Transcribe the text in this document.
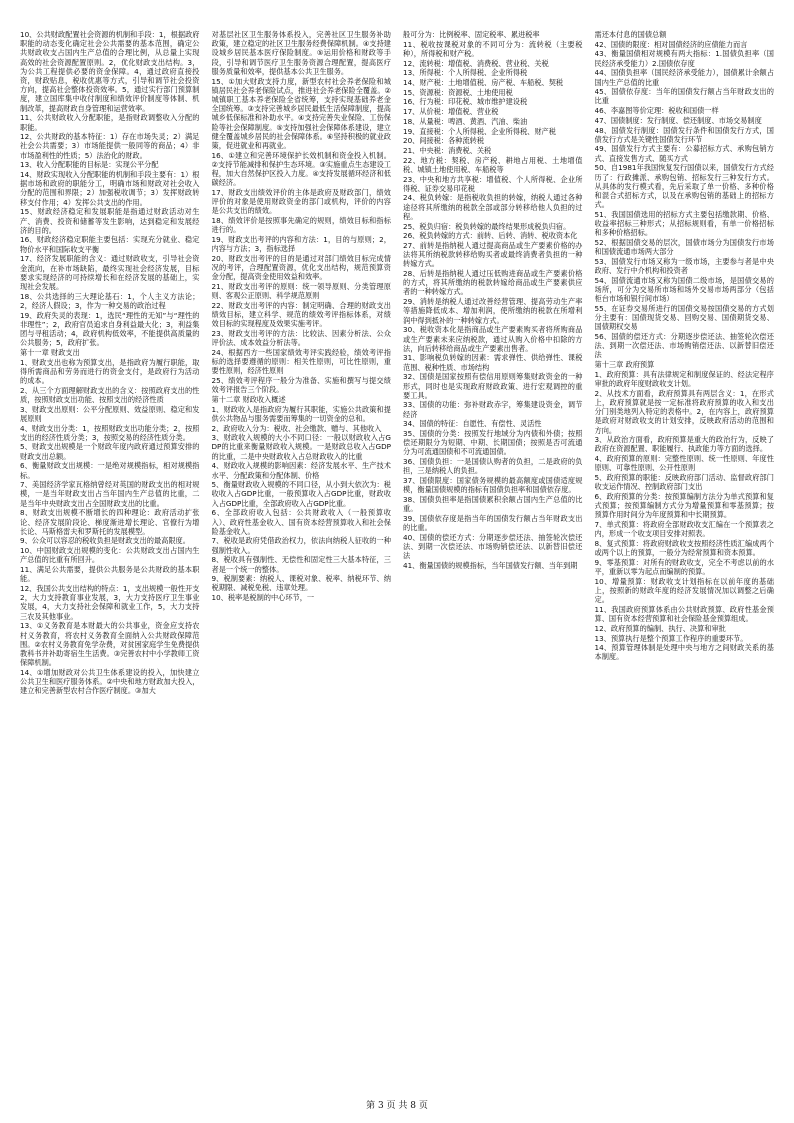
10、公共财政配置社会资源的机制和手段：1，根据政府职能的动态变化确定社会公共需要的基本范围，确定公共财政收支占国内生产总值的合理比例，从总量上实现高效的社会资源配置原则。2，优化财政支出结构。3，为公共工程提供必要的资金保障。4，通过政府直接投资，财政贴息，税收优惠等方式，引导和调节社会投资方向，提高社会整体投资效率。5，通过实行部门预算制度，建立国库集中收付制度和绩效评价制度等体制、机制改革，提高财政自身管理和运营效率。

11、公共财政收入分配职能，是指财政调整收入分配的职能。

12、公共财政的基本特征：1）存在市场失灵；2）满足社会公共需要；3）市场能提供一般同等的商品；4）非市场盈利性的性质；5）法治化的财政。

13、收入分配职能的目标是：实现公平分配

14、财政实现收入分配职能的机制和手段主要有：1）根据市场和政府的职能分工，明确市场和财政对社会收入分配的范围和界限；2）加强税收调节；3）发挥财政转移支付作用；4）发挥公共支出的作用。

15、财政经济稳定和发展职能是指通过财政活动对生产、消费、投资和储蓄等发生影响，达到稳定和发展经济的目的。

16、财政经济稳定职能主要包括：实现充分就业、稳定物价水平和国际收支平衡

17、经济发展职能的含义：通过财政收支，引导社会资金流向，在补市场缺陷，最终实现社会经济发展，目标要求实现经济的可持续增长和在经济发展的基础上，实现社会发展。

18、公共选择的三大理论基石：1，个人主义方法论；2，经济人假设；3，作为一种交易的政治过程

19、政府失灵的表现：1，选民“理性的无知”与“理性的非理性”；2，政府官员追求自身利益最大化；3，利益集团与寻租活动；4，政府机构低效率，不能提供高质量的公共服务；5，政府扩张。

第十一章 财政支出

1、财政支出也称为预算支出，是指政府为履行职能，取得所需商品和劳务而进行的资金支付，是政府行为活动的成本。

2、从三个方面理解财政支出的含义：按照政府支出的性质，按照财政支出功能、按照支出的经济性质

3、财政支出原则：公平分配原则、效益原则、稳定和发展原则

4、财政支出分类：1，按照财政支出功能分类；2，按照支出的经济性质分类；3，按照交易的经济性质分类。

5、财政支出规模是一个财政年度内政府通过预算安排的财政支出总额。

6、衡量财政支出规模：一是绝对规模指标，相对规模指标。

7、美国经济学家瓦格纳曾经对英国的财政支出的相对规模，一是当年财政支出占当年国内生产总值的比重，二是当年中央财政支出占全国财政支出的比重。

8、财政支出规模不断增长的四种理论：政府活动扩张论、经济发展阶段论、梯度渐进增长理论、官僚行为增长论、马斯格雷夫和罗斯托的发展模型。

9、公众可以容忍的税收负担是财政支出的最高限度。

10、中国财政支出规模的变化：公共财政支出占国内生产总值的比重有所回升。

11、满足公共需要，提供公共服务是公共财政的基本职能。

12、我国公共支出结构的特点：1，支出规模一般性开支2，大力支持教育事业发展，3，大力支持医疗卫生事业发展，4，大力支持社会保障和就业工作，5，大力支持三农及其他事业。

13、①义务教育是本财最大的公共事业，资金应支持农村义务教育，将农村义务教育全面纳入公共财政保障范围。②农村义务教育免学杂费，对贫困家庭学生免费提供教科书并补助寄宿生生活费。③完善农村中小学教师工资保障机制。

14、①增加财政对公共卫生体系建设的投入，加快建立公共卫生和医疗服务体系。②中央和地方财政加大投入，建立和完善新型农村合作医疗制度。③加大

对基层社区卫生服务体系投入，完善社区卫生服务补助政策，建立稳定的社区卫生服务经费保障机制。④支持建设城乡居民基本医疗保险制度。⑤运用价格和财政等手段，引导和调节医疗卫生服务资源合理配置，提高医疗服务质量和效率，提供基本公共卫生服务。

15、①加大财政支持力度，新型农村社会养老保险和城镇居民社会养老保险试点，推进社会养老保险全覆盖。②城镇职工基本养老保险全省统筹，支持实现基础养老金全国统筹。③支持完善城乡居民最低生活保障制度，提高城乡低保标准和补助水平。④支持完善失业保险、工伤保险等社会保障制度。⑤支持加强社会保障体系建设，建立健全覆盖城乡居民的社会保障体系。⑥坚持积极的就业政策，促进就业和再就业。

16、①建立和完善环境保护长效机制和资金投入机制。②支持节能减排和保护生态环境。③实施重点生态建设工程，加大自然保护区投入力度。④支持发展循环经济和低碳经济。

17、财政支出绩效评价的主体是政府及财政部门，绩效评价的对象是使用财政资金的部门或机构，评价的内容是公共支出的绩效。

18、绩效评价是按照事先确定的规则，绩效目标和指标进行的。

19、财政支出考评的内容和方法：1，目的与原则；2，内容与方法；3，指标选择

20、财政支出考评的目的是通过对部门绩效目标完成情况的考评，合理配置资源，优化支出结构，规范预算资金分配，提高资金使用效益和效率。

21、财政支出考评的原则：统一领导原则、分类管理原则、客观公正原则、科学规范原则

22、财政支出考评的内容：制定明确、合理的财政支出绩效目标，建立科学、规范的绩效考评指标体系，对绩效目标的实现程度及效果实施考评。

23、财政支出考评的方法：比较法、因素分析法、公众评价法、成本效益分析法等。

24、根据西方一些国家绩效考评实践经验，绩效考评指标的选择要遵循的原则：相关性原则，可比性原则，重要性原则，经济性原则

25、绩效考评程序一般分为准备、实施和撰写与提交绩效考评报告三个阶段。

第十二章 财政收入概述

1、财政收入是指政府为履行其职能，实施公共政策和提供公共物品与服务需要而筹集的一切资金的总和。

2、政府收入分为：税收、社会缴款、赠与、其他收入

3、财政收入规模的大小不同口径：一般以财政收入占GDP的比重来衡量财政收入规模。一是财政总收入占GDP的比重，二是中央财政收入占总财政收入的比重

4、财政收入规模的影响因素：经济发展水平、生产技术水平、分配政策和分配体制、价格

5、衡量财政收入规模的不同口径，从小到大依次为：税收收入占GDP比重，一般预算收入占GDP比重，财政收入占GDP比重，全部政府收入占GDP比重。

6、全部政府收入包括：公共财政收入（一般预算收入）、政府性基金收入、国有资本经营预算收入和社会保险基金收入。

7、税收是政府凭借政治权力，依法向纳税人征收的一种强制性收入。

8、税收具有强制性、无偿性和固定性三大基本特征，三者是一个统一的整体。

9、税制要素：纳税人、课税对象、税率、纳税环节、纳税期限、减税免税、违章处理。

10、税率是税制的中心环节，一

般可分为：比例税率、固定税率、累进税率

11、税收按课税对象的不同可分为：流转税（主要税种），所得税和财产税。

12、流转税：增值税、消费税、营业税、关税

13、所得税：个人所得税、企业所得税

14、财产税：土地增值税、房产税、车船税、契税

15、资源税：资源税、土地使用税

16、行为税：印花税、城市维护建设税

17、从价税：增值税、营业税

18、从量税：啤酒、黄酒、汽油、柴油

19、直接税：个人所得税、企业所得税、财产税

20、间接税：各种流转税

21、中央税：消费税、关税

22、地方税：契税、房产税、耕地占用税、土地增值税、城镇土地使用税、车船税等

23、中央和地方共享税：增值税、个人所得税、企业所得税、证券交易印花税

24、税负转嫁：是指税收负担的转嫁，纳税人通过各种途径将其所缴纳的税款全部或部分转移给他人负担的过程。

25、税负归宿：税负转嫁的最终结果形成税负归宿。

26、税负转嫁的方式：前转、后转、消转、税收资本化

27、前转是指纳税人通过提高商品或生产要素价格的办法将其所纳税款转移给购买者或最终消费者负担的一种转嫁方式。

28、后转是指纳税人通过压低购进商品或生产要素价格的方式，将其所缴纳的税款转嫁给商品或生产要素供应者的一种转嫁方式。

29、消转是纳税人通过改善经营管理、提高劳动生产率等措施降低成本、增加利润，使所缴纳的税款在所增利润中得到抵补的一种转嫁方式。

30、税收资本化是指商品或生产要素购买者将所购商品或生产要素未来应纳税款，通过从购入价格中扣除的方法，向后转移给商品或生产要素出售者。

31、影响税负转嫁的因素：需求弹性、供给弹性、课税范围、税种性质、市场结构

32、国债是国家按照有偿信用原则筹集财政资金的一种形式，同时也是实现政府财政政策、进行宏观调控的重要工具。

33、国债的功能：弥补财政赤字，筹集建设资金，调节经济

34、国债的特征：自愿性、有偿性、灵活性

35、国债的分类：按照发行地域分为内债和外债；按照偿还期限分为短期、中期、长期国债；按照是否可流通分为可流通国债和不可流通国债。

36、国债负担：一是国债认购者的负担，二是政府的负担，三是纳税人的负担。

37、国债限度：国家债务规模的最高额度或国债适度规模，衡量国债规模的指标有国债负担率和国债依存度。

38、国债负担率是指国债累积余额占国内生产总值的比重。

39、国债依存度是指当年的国债发行额占当年财政支出的比重。

40、国债的偿还方式：分期逐步偿还法、抽签轮次偿还法、到期一次偿还法、市场购销偿还法、以新替旧偿还法

41、衡量国债的规模指标，当年国债发行额、当年到期

需还本付息的国债总额

42、国债的限度：相对国债经济的应债能力而言

43、衡量国债相对规模有两大指标：1.国债负担率（国民经济承受能力）2.国债依存度

44、国债负担率（国民经济承受能力），国债累计余额占国内生产总值的比重

45、国债依存度：当年的国债发行额占当年财政支出的比重

46、李嘉图等价定理：税收和国债一样

47、国债制度：发行制度、偿还制度、市场交易制度

48、国债发行制度：国债发行条件和国债发行方式，国债发行方式是关键性国债发行环节

49、国债发行方式主要有：公募招标方式、承购包销方式、直接发售方式、随买方式

50、自1981年我国恢复发行国债以来，国债发行方式经历了：行政摊派、承购包销、招标发行三种发行方式。从具体的发行模式看，先后采取了单一价格、多种价格和混合式招标方式，以及在承购包销的基础上的招标方式。

51、我国国债选用的招标方式主要包括缴款期、价格、收益率招标三种形式；从招标规则看，有单一价格招标和多种价格招标。

52、根据国债交易的层次，国债市场分为国债发行市场和国债流通市场两大部分

53、国债发行市场又称为一级市场，主要参与者是中央政府、发行中介机构和投资者

54、国债流通市场又称为国债二级市场，是国债交易的场所，可分为交易所市场和场外交易市场两部分（包括柜台市场和银行间市场）

55、在证券交易所进行的国债交易按国债交易的方式划分主要有：国债现货交易、回购交易、国债期货交易、国债期权交易

56、国债的偿还方式：分期逐步偿还法、抽签轮次偿还法、到期一次偿还法、市场购销偿还法、以新替旧偿还法

第十三章 政府预算

1、政府预算：具有法律规定和制度保证的、经法定程序审批的政府年度财政收支计划。

2、从技术方面看，政府预算具有两层含义：1，在形式上，政府预算就是按一定标准将政府预算的收入和支出分门别类地列入特定的表格中。2，在内容上，政府预算是政府对财政收支的计划安排，反映政府活动的范围和方向。

3、从政治方面看，政府预算是重大的政治行为，反映了政府在资源配置、职能履行、执政能力等方面的选择。

4、政府预算的原则：完整性原则、统一性原则、年度性原则、可靠性原则、公开性原则

5、政府预算的职能：反映政府部门活动、监督政府部门收支运作情况、控制政府部门支出

6、政府预算的分类：按预算编制方法分为单式预算和复式预算；按预算编制方式分为增量预算和零基预算；按预算作用时间分为年度预算和中长期预算。

7、单式预算：将政府全部财政收支汇编在一个预算表之内，形成一个收支项目安排对照表。

8、复式预算：将政府财政收支按照经济性质汇编成两个或两个以上的预算，一般分为经常预算和资本预算。

9、零基预算：对所有的财政收支，完全不考虑以前的水平，重新以零为起点而编制的预算。

10、增量预算：财政收支计划指标在以前年度的基础上，按照新的财政年度的经济发展情况加以调整之后确定。

11、我国政府预算体系由公共财政预算、政府性基金预算、国有资本经营预算和社会保险基金预算组成。

12、政府预算的编制、执行、决算和审批

13、预算执行是整个预算工作程序的重要环节。

14、预算管理体制是处理中央与地方之间财政关系的基本制度。

第 3 页 共 8 页
